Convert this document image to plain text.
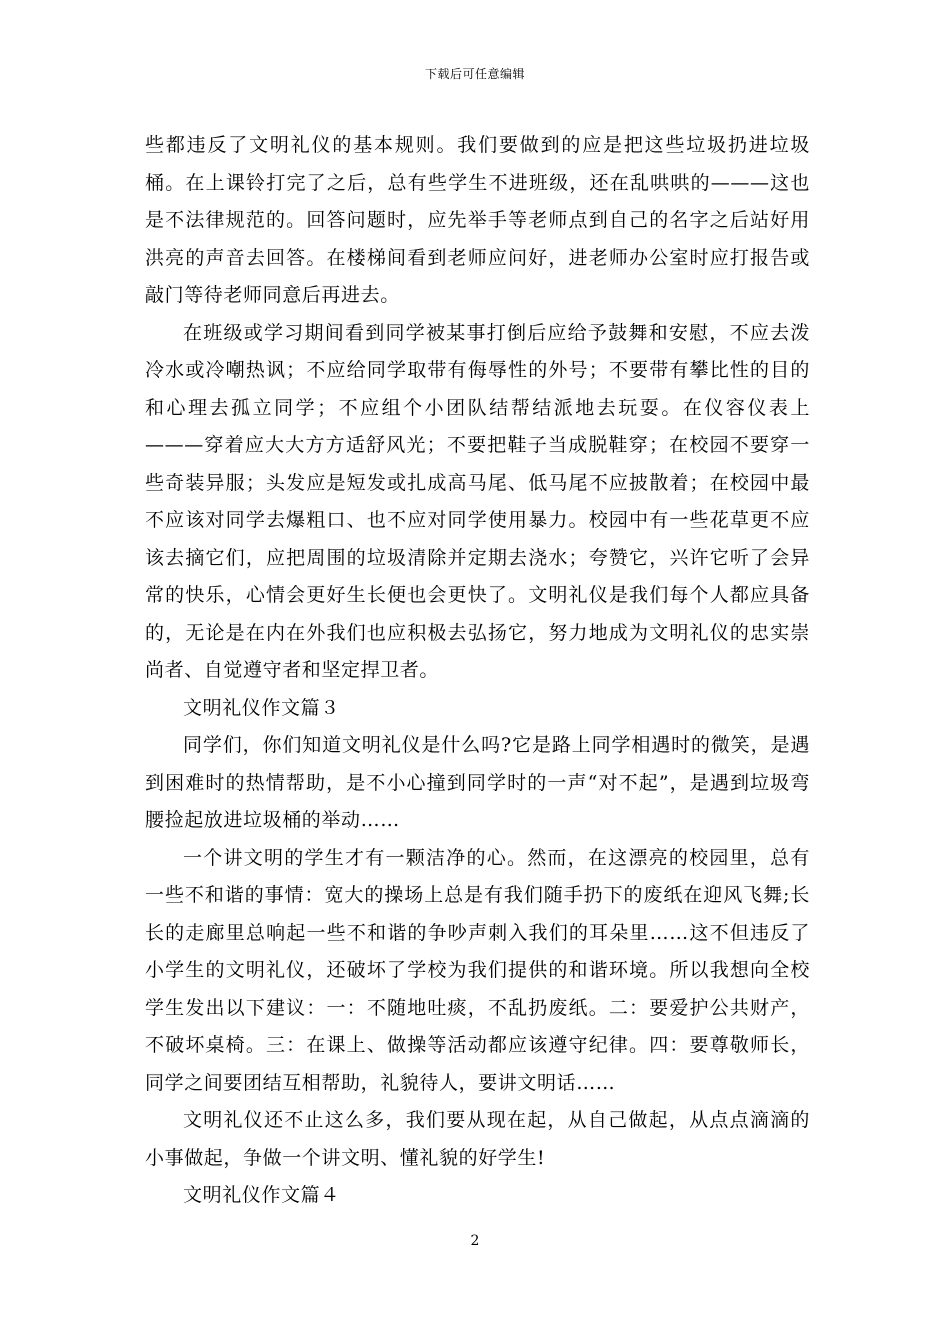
下载后可任意编辑

些都违反了文明礼仪的基本规则。我们要做到的应是把这些垃圾扔进垃圾桶。在上课铃打完了之后，总有些学生不进班级，还在乱哄哄的———这也是不法律规范的。回答问题时，应先举手等老师点到自己的名字之后站好用洪亮的声音去回答。在楼梯间看到老师应问好，进老师办公室时应打报告或敲门等待老师同意后再进去。

在班级或学习期间看到同学被某事打倒后应给予鼓舞和安慰，不应去泼冷水或冷嘲热讽；不应给同学取带有侮辱性的外号；不要带有攀比性的目的和心理去孤立同学；不应组个小团队结帮结派地去玩耍。在仪容仪表上———穿着应大大方方适舒风光；不要把鞋子当成脱鞋穿；在校园不要穿一些奇装异服；头发应是短发或扎成高马尾、低马尾不应披散着；在校园中最不应该对同学去爆粗口、也不应对同学使用暴力。校园中有一些花草更不应该去摘它们，应把周围的垃圾清除并定期去浇水；夸赞它，兴许它听了会异常的快乐，心情会更好生长便也会更快了。文明礼仪是我们每个人都应具备的，无论是在内在外我们也应积极去弘扬它，努力地成为文明礼仪的忠实崇尚者、自觉遵守者和坚定捍卫者。

文明礼仪作文篇３

同学们，你们知道文明礼仪是什么吗?它是路上同学相遇时的微笑，是遇到困难时的热情帮助，是不小心撞到同学时的一声“对不起”，是遇到垃圾弯腰捡起放进垃圾桶的举动……

一个讲文明的学生才有一颗洁净的心。然而，在这漂亮的校园里，总有一些不和谐的事情：宽大的操场上总是有我们随手扔下的废纸在迎风飞舞;长长的走廊里总响起一些不和谐的争吵声刺入我们的耳朵里……这不但违反了小学生的文明礼仪，还破坏了学校为我们提供的和谐环境。所以我想向全校学生发出以下建议：一：不随地吐痰，不乱扔废纸。二：要爱护公共财产，不破坏桌椅。三：在课上、做操等活动都应该遵守纪律。四：要尊敬师长，同学之间要团结互相帮助，礼貌待人，要讲文明话……

文明礼仪还不止这么多，我们要从现在起，从自己做起，从点点滴滴的小事做起，争做一个讲文明、懂礼貌的好学生!

文明礼仪作文篇４

2
